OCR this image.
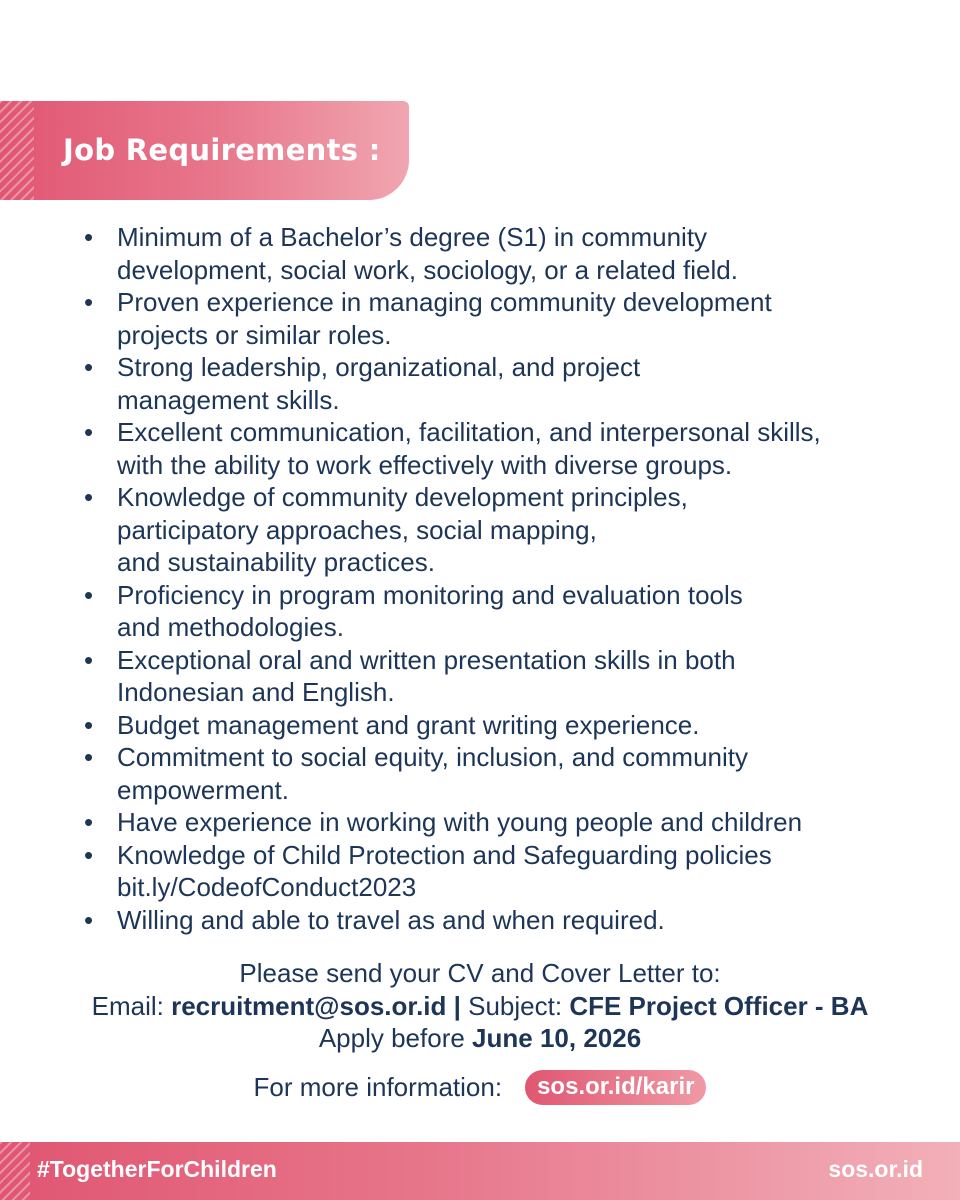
Job Requirements :
• Minimum of a Bachelor’s degree (S1) in community
development, social work, sociology, or a related field.
• Proven experience in managing community development
projects or similar roles.
• Strong leadership, organizational, and project
management skills.
• Excellent communication, facilitation, and interpersonal skills,
with the ability to work effectively with diverse groups.
• Knowledge of community development principles,
participatory approaches, social mapping,
and sustainability practices.
• Proficiency in program monitoring and evaluation tools
and methodologies.
• Exceptional oral and written presentation skills in both
Indonesian and English.
• Budget management and grant writing experience.
• Commitment to social equity, inclusion, and community
empowerment.
• Have experience in working with young people and children
• Knowledge of Child Protection and Safeguarding policies
bit.ly/CodeofConduct2023
• Willing and able to travel as and when required.
Please send your CV and Cover Letter to:
Email: recruitment@sos.or.id | Subject: CFE Project Officer - BA
Apply before June 10, 2026
For more information:	sos.or.id/karir
#TogetherForChildren	sos.or.id
